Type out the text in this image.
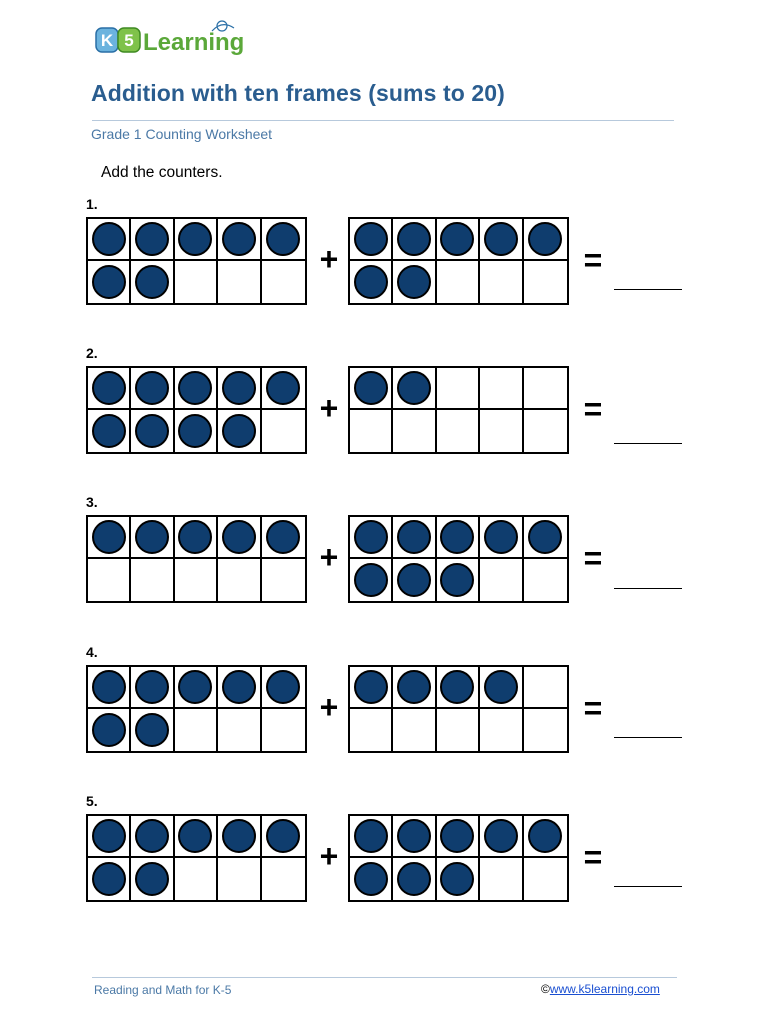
K 5 Learning
Addition with ten frames (sums to 20)
Grade 1 Counting Worksheet
Add the counters.
1.
+	=
2.
+	=
3.
+	=
4.
+	=
5.
+	=
Reading and Math for K-5	©www.k5learning.com
